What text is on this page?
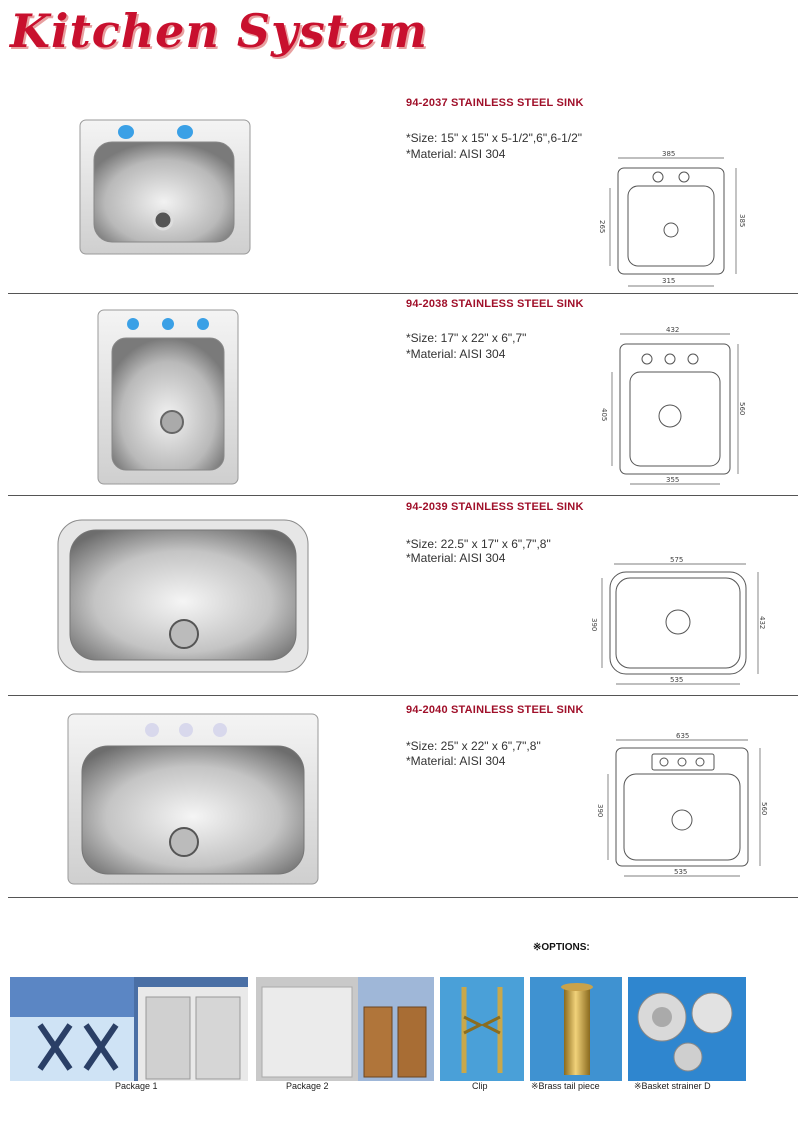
Kitchen System
94-2037 STAINLESS STEEL SINK
*Size: 15" x 15" x 5-1/2",6",6-1/2"
*Material: AISI 304	385
265	385
315
94-2038 STAINLESS STEEL SINK
*Size: 17" x 22" x 6",7"
*Material: AISI 304
432
405	560
355
94-2039 STAINLESS STEEL SINK
*Size: 22.5" x 17" x 6",7",8"
*Material: AISI 304	575
390	432
535
94-2040 STAINLESS STEEL SINK
*Size: 25" x 22" x 6",7",8"
*Material: AISI 304
635
390	560
535
※OPTIONS:
Package 1	Package 2	Clip	※Brass tail piece	※Basket strainer D
